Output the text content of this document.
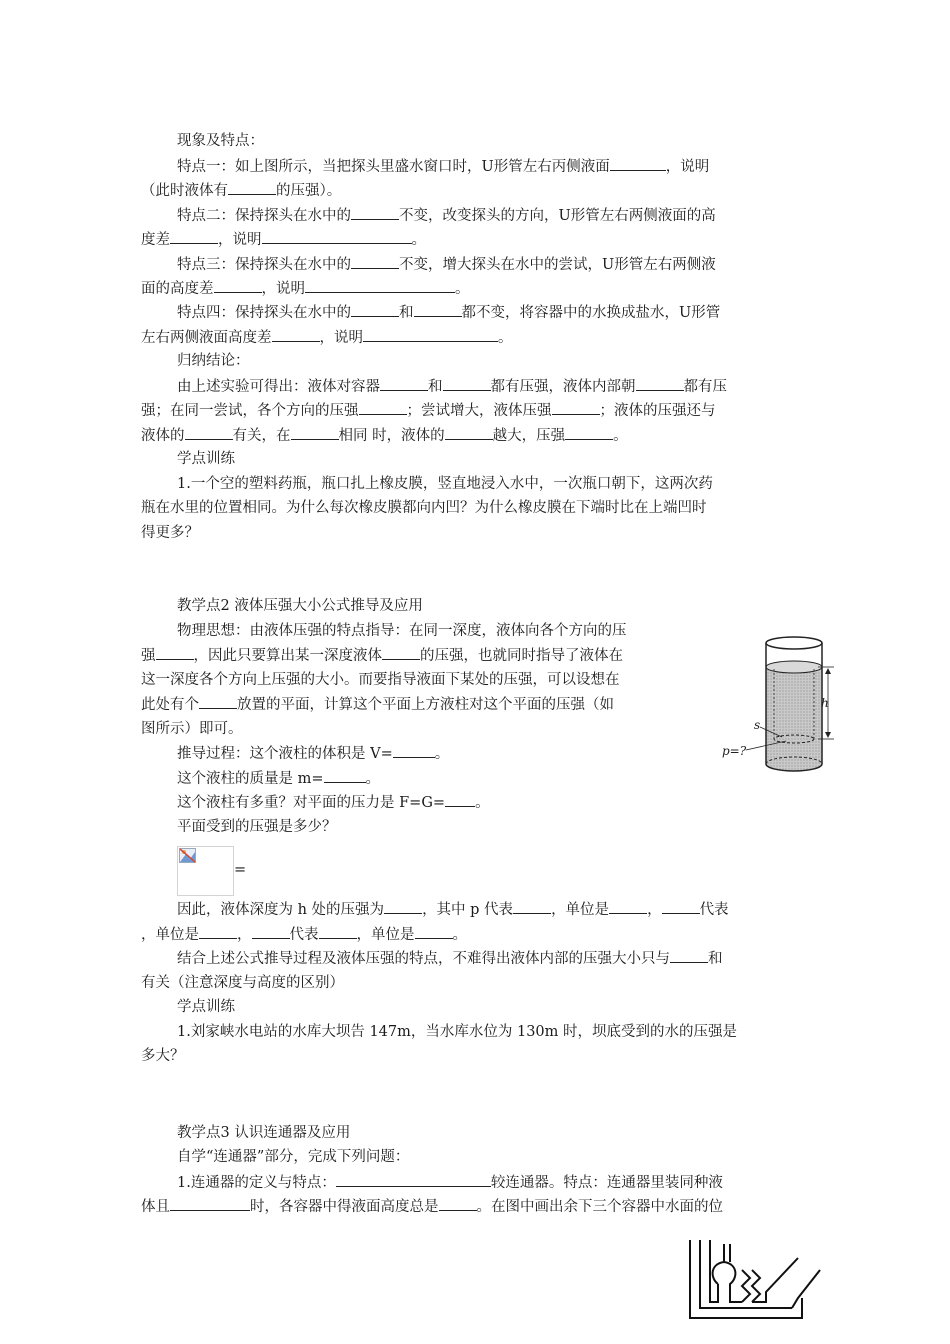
现象及特点：
特点一：如上图所示，当把探头里盛水窗口时，U形管左右丙侧液面	，说明
（此时液体有	的压强）。
特点二：保持探头在水中的	不变，改变探头的方向，U形管左右两侧液面的高
度差	，说明	。
特点三：保持探头在水中的	不变，增大探头在水中的尝试，U形管左右两侧液
面的高度差	，说明	。
特点四：保持探头在水中的	和	都不变，将容器中的水换成盐水，U形管
左右两侧液面高度差	，说明	。
归纳结论：
由上述实验可得出：液体对容器	和	都有压强，液体内部朝	都有压
强；在同一尝试，各个方向的压强	；尝试增大，液体压强	；液体的压强还与
液体的	有关，在	相同 时，液体的	越大，压强	。
学点训练
1.一个空的塑料药瓶，瓶口扎上橡皮膜，竖直地浸入水中，一次瓶口朝下，这两次药
瓶在水里的位置相同。为什么每次橡皮膜都向内凹？为什么橡皮膜在下端时比在上端凹时
得更多？
教学点2 液体压强大小公式推导及应用
物理思想：由液体压强的特点指导：在同一深度，液体向各个方向的压
强	，因此只要算出某一深度液体	的压强，也就同时指导了液体在
这一深度各个方向上压强的大小。而要指导液面下某处的压强，可以设想在
此处有个	放置的平面，计算这个平面上方液柱对这个平面的压强（如
图所示）即可。
推导过程：这个液柱的体积是 V=	。
这个液柱的质量是 m=	。
这个液柱有多重？对平面的压力是 F=G= 。
平面受到的压强是多少？
=
因此，液体深度为 h 处的压强为	，其中 p 代表	，单位是	，	代表
，单位是	，	代表	，单位是	。
结合上述公式推导过程及液体压强的特点，不难得出液体内部的压强大小只与	和
有关（注意深度与高度的区别）
学点训练
1.刘家峡水电站的水库大坝告 147m，当水库水位为 130m 时，坝底受到的水的压强是
多大？
h
s
p=?
教学点3 认识连通器及应用
自学“连通器”部分，完成下列问题：
1.连通器的定义与特点：	较连通器。特点：连通器里装同种液
体且	时，各容器中得液面高度总是	。在图中画出余下三个容器中水面的位
